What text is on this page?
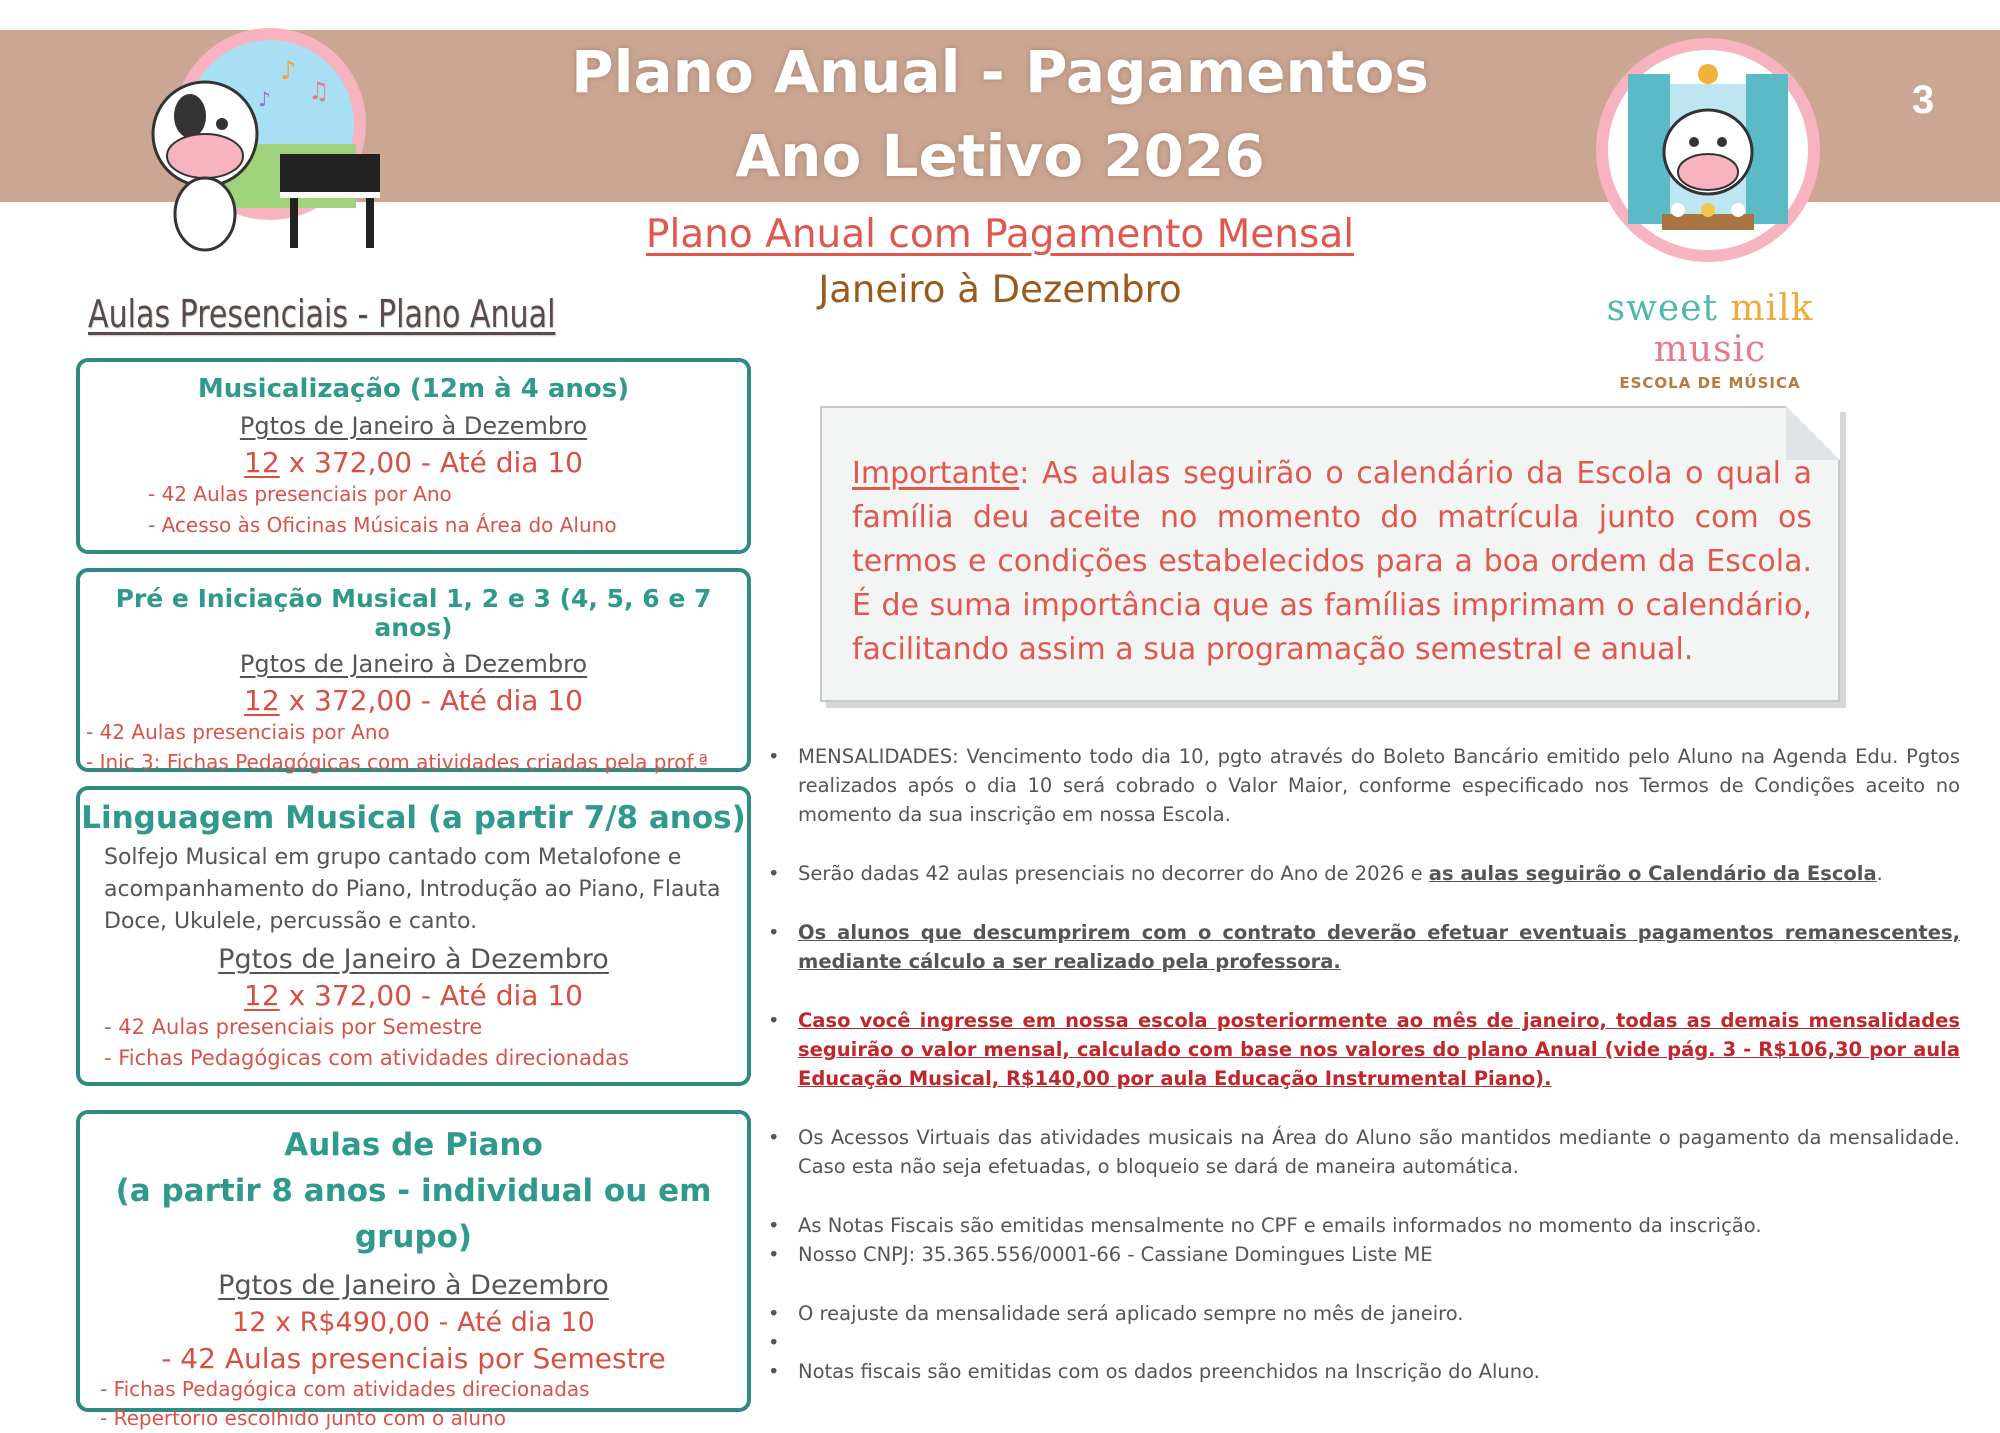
3
Plano Anual - Pagamentos
Ano Letivo 2026
Plano Anual com Pagamento Mensal
Janeiro à Dezembro
♪
♫
♪
sweet milk music
ESCOLA DE MÚSICA
Aulas Presenciais - Plano Anual
Musicalização (12m à 4 anos)
Pgtos de Janeiro à Dezembro
12 x 372,00 - Até dia 10
- 42 Aulas presenciais por Ano
- Acesso às Oficinas Músicais na Área do Aluno
Pré e Iniciação Musical 1, 2 e 3 (4, 5, 6 e 7 anos)
Pgtos de Janeiro à Dezembro
12 x 372,00 - Até dia 10
- 42 Aulas presenciais por Ano
- Inic 3: Fichas Pedagógicas com atividades criadas pela prof.ª
Linguagem Musical (a partir 7/8 anos)
Solfejo Musical em grupo cantado com Metalofone e acompanhamento do Piano, Introdução ao Piano, Flauta Doce, Ukulele, percussão e canto.
Pgtos de Janeiro à Dezembro
12 x 372,00 - Até dia 10
- 42 Aulas presenciais por Semestre
- Fichas Pedagógicas com atividades direcionadas
Aulas de Piano
(a partir 8 anos - individual ou em grupo)
Pgtos de Janeiro à Dezembro
12 x R$490,00 - Até dia 10
- 42 Aulas presenciais por Semestre
- Fichas Pedagógica com atividades direcionadas
- Repertório escolhido junto com o aluno
Importante: As aulas seguirão o calendário da Escola o qual a família deu aceite no momento do matrícula junto com os termos e condições estabelecidos para a boa ordem da Escola. É de suma importância que as famílias imprimam o calendário, facilitando assim a sua programação semestral e anual.
• MENSALIDADES: Vencimento todo dia 10, pgto através do Boleto Bancário emitido pelo Aluno na Agenda Edu. Pgtos realizados após o dia 10 será cobrado o Valor Maior, conforme especificado nos Termos de Condições aceito no momento da sua inscrição em nossa Escola.
• Serão dadas 42 aulas presenciais no decorrer do Ano de 2026 e as aulas seguirão o Calendário da Escola.
• Os alunos que descumprirem com o contrato deverão efetuar eventuais pagamentos remanescentes, mediante cálculo a ser realizado pela professora.
• Caso você ingresse em nossa escola posteriormente ao mês de janeiro, todas as demais mensalidades seguirão o valor mensal, calculado com base nos valores do plano Anual (vide pág. 3 - R$106,30 por aula Educação Musical, R$140,00 por aula Educação Instrumental Piano).
• Os Acessos Virtuais das atividades musicais na Área do Aluno são mantidos mediante o pagamento da mensalidade. Caso esta não seja efetuadas, o bloqueio se dará de maneira automática.
• As Notas Fiscais são emitidas mensalmente no CPF e emails informados no momento da inscrição.
• Nosso CNPJ: 35.365.556/0001-66 - Cassiane Domingues Liste ME
• O reajuste da mensalidade será aplicado sempre no mês de janeiro.
•
• Notas fiscais são emitidas com os dados preenchidos na Inscrição do Aluno.
